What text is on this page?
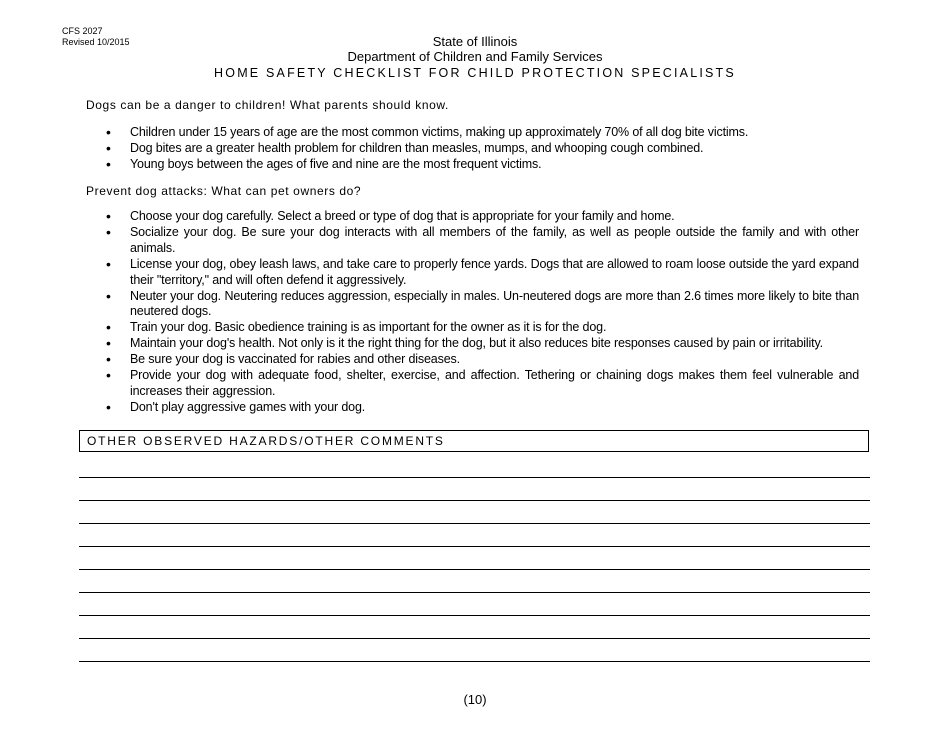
CFS 2027
Revised 10/2015	State of Illinois
Department of Children and Family Services
HOME SAFETY CHECKLIST FOR CHILD PROTECTION SPECIALISTS
Dogs can be a danger to children! What parents should know.
• Children under 15 years of age are the most common victims, making up approximately 70% of all dog bite victims.
• Dog bites are a greater health problem for children than measles, mumps, and whooping cough combined.
• Young boys between the ages of five and nine are the most frequent victims.
Prevent dog attacks: What can pet owners do?
• Choose your dog carefully. Select a breed or type of dog that is appropriate for your family and home.
• Socialize your dog. Be sure your dog interacts with all members of the family, as well as people outside the family and with other animals.
• License your dog, obey leash laws, and take care to properly fence yards. Dogs that are allowed to roam loose outside the yard expand their "territory," and will often defend it aggressively.
• Neuter your dog. Neutering reduces aggression, especially in males. Un-neutered dogs are more than 2.6 times more likely to bite than neutered dogs.
• Train your dog. Basic obedience training is as important for the owner as it is for the dog.
• Maintain your dog's health. Not only is it the right thing for the dog, but it also reduces bite responses caused by pain or irritability.
• Be sure your dog is vaccinated for rabies and other diseases.
• Provide your dog with adequate food, shelter, exercise, and affection. Tethering or chaining dogs makes them feel vulnerable and increases their aggression.
• Don't play aggressive games with your dog.
OTHER OBSERVED HAZARDS/OTHER COMMENTS
(10)
